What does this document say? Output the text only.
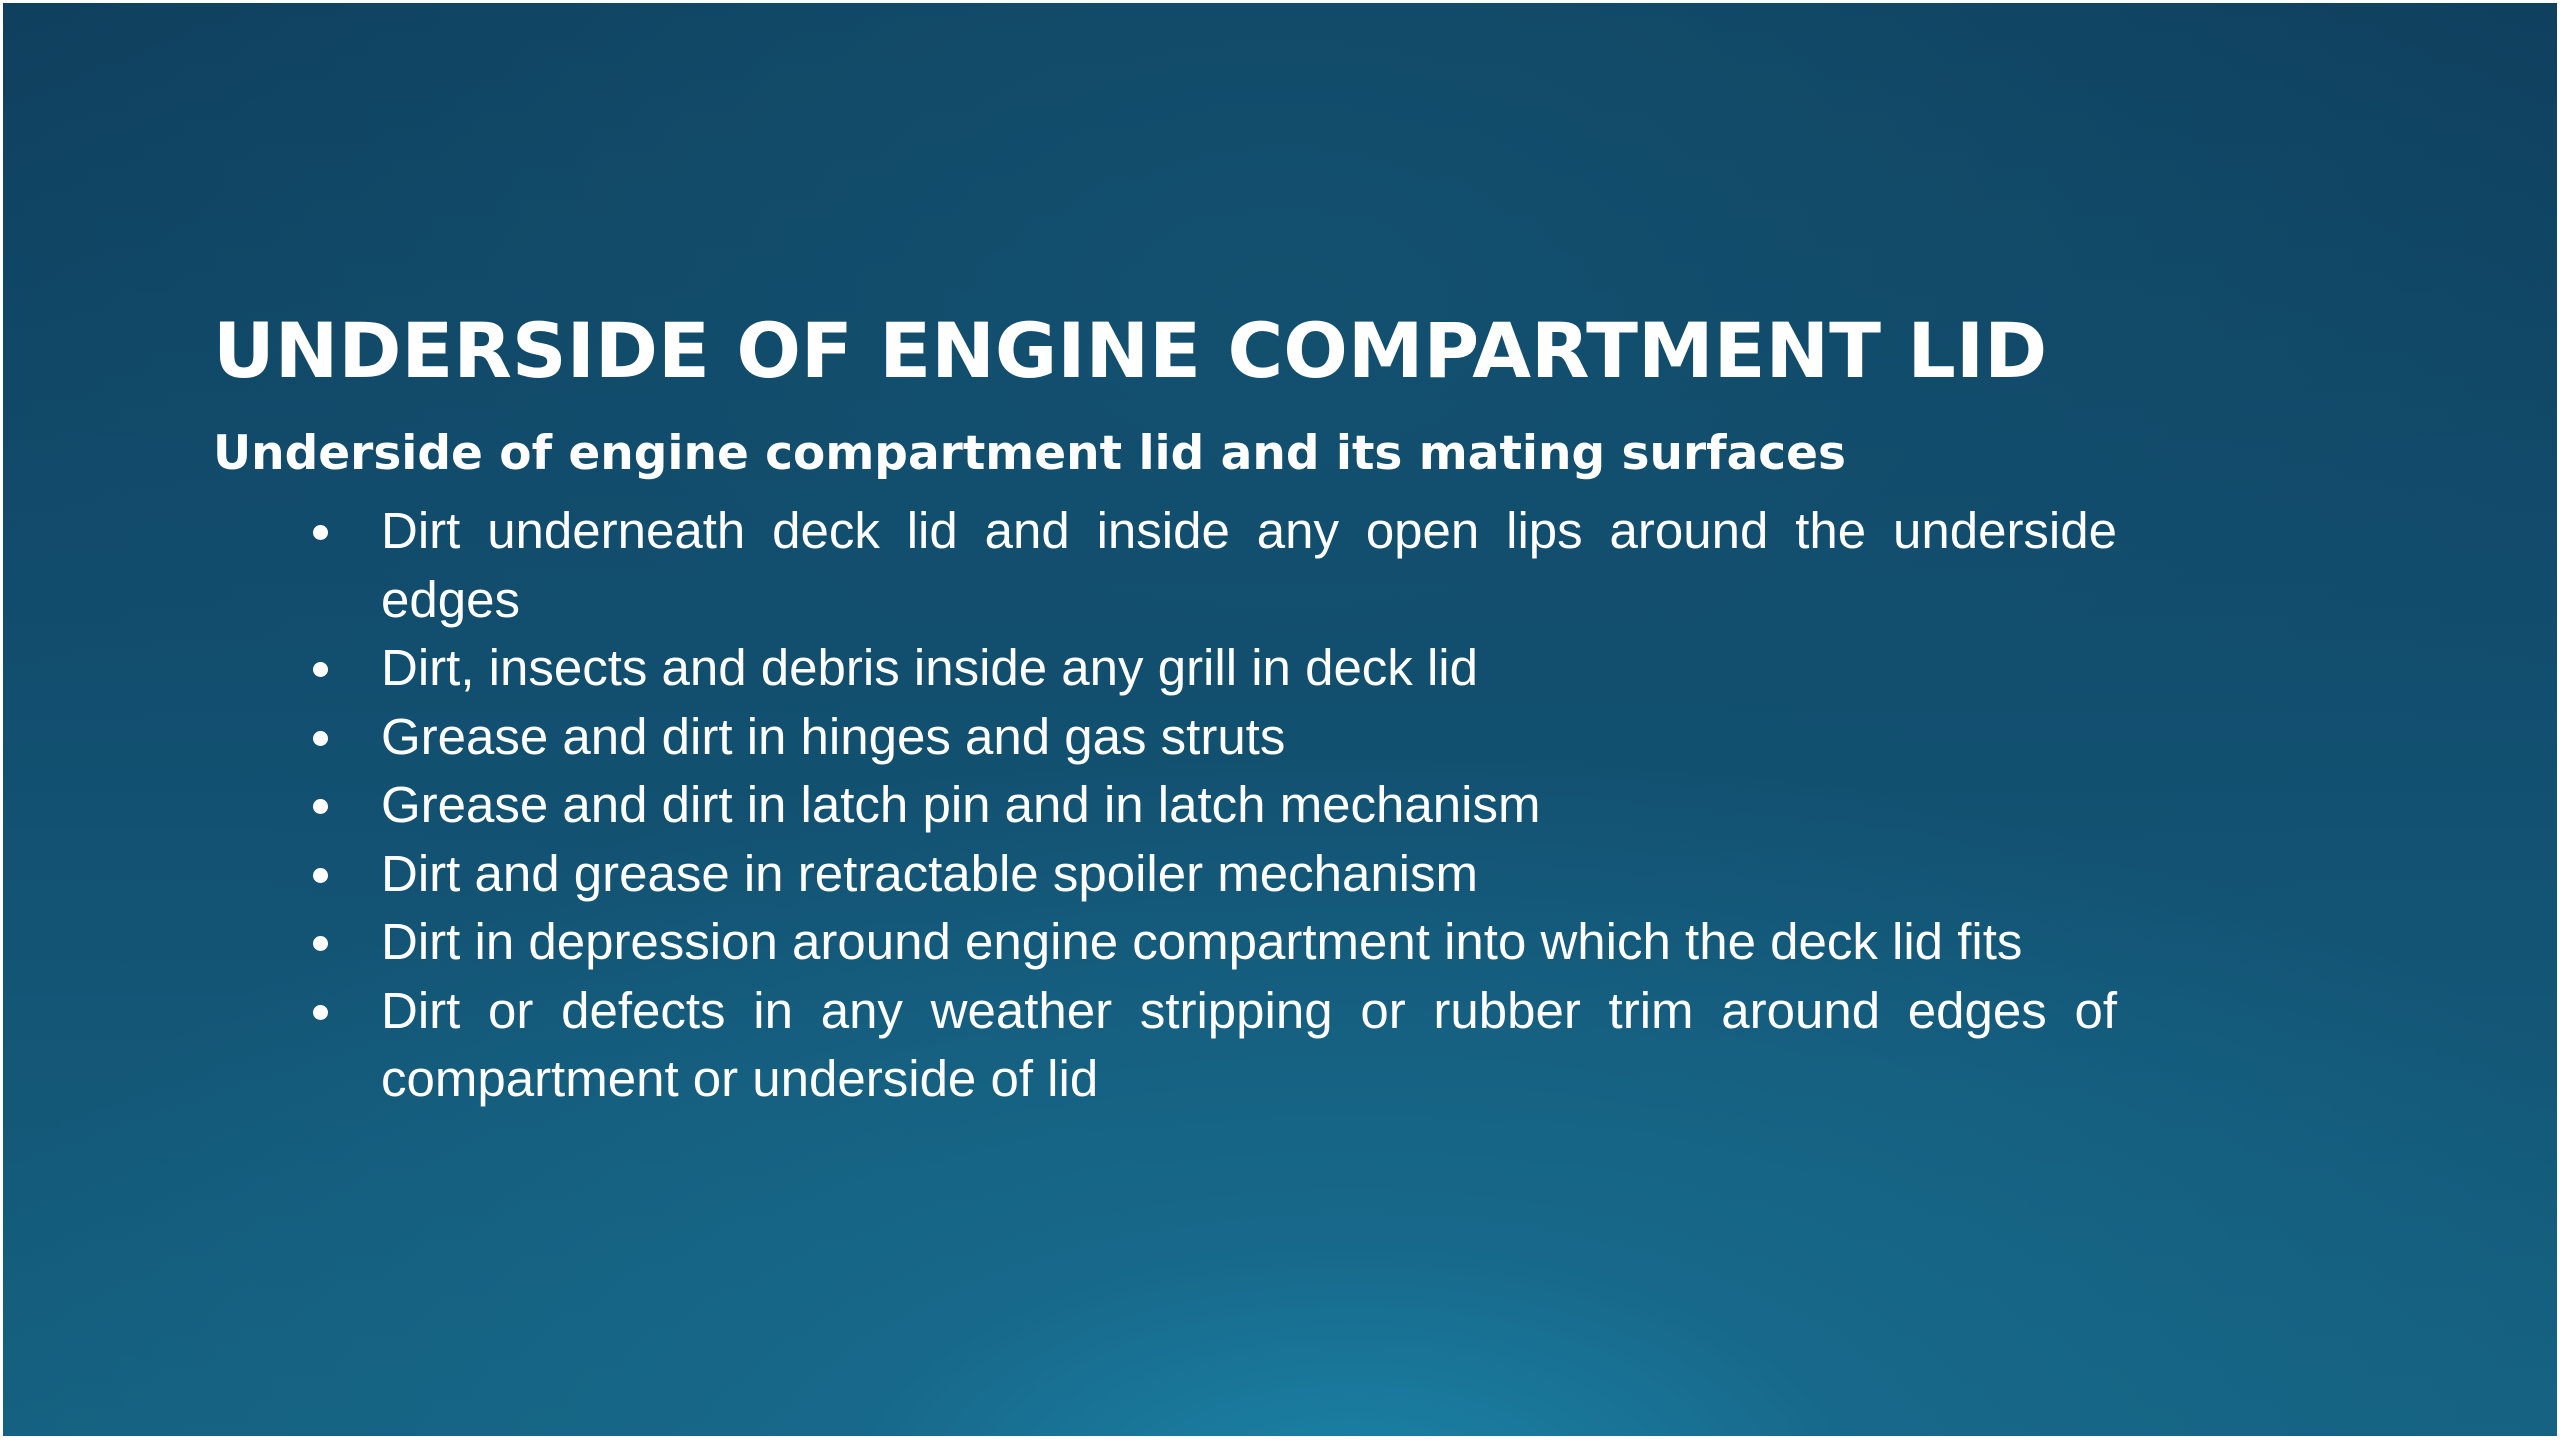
UNDERSIDE OF ENGINE COMPARTMENT LID
Underside of engine compartment lid and its mating surfaces
Dirt underneath deck lid and inside any open lips around the underside edges
Dirt, insects and debris inside any grill in deck lid
Grease and dirt in hinges and gas struts
Grease and dirt in latch pin and in latch mechanism
Dirt and grease in retractable spoiler mechanism
Dirt in depression around engine compartment into which the deck lid fits
Dirt or defects in any weather stripping or rubber trim around edges of compartment or underside of lid
